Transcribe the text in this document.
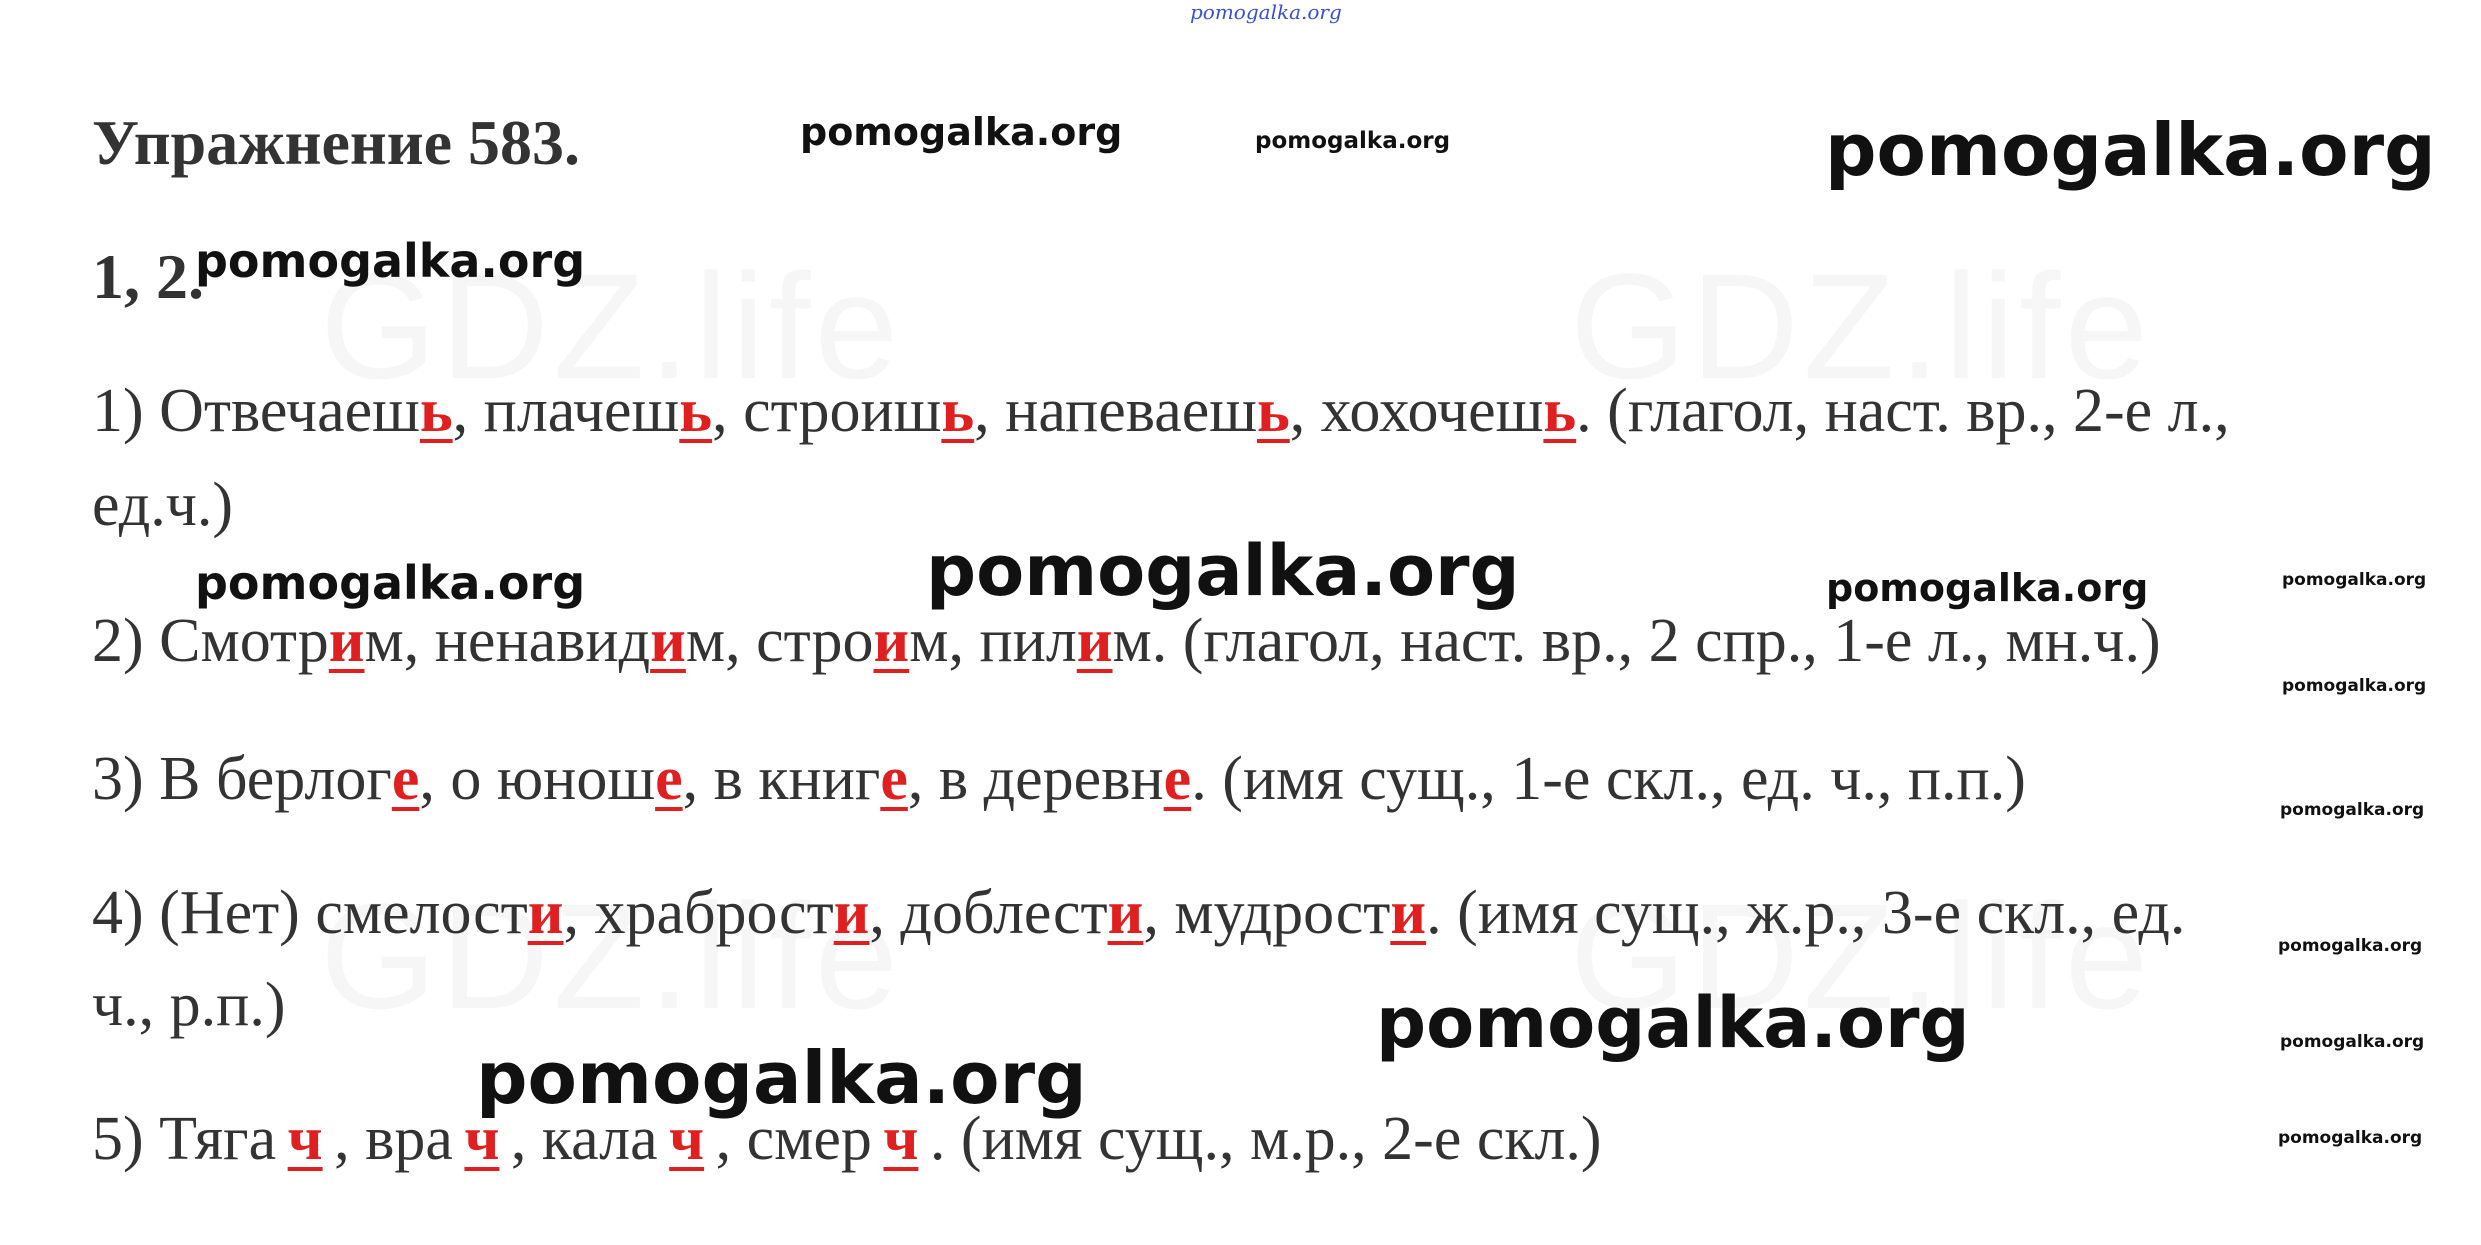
pomogalka.org
Упражнение 583.
1, 2.
1) Отвечаешь, плачешь, строишь, напеваешь, хохочешь. (глагол, наст. вр., 2-е л.,
ед.ч.)
2) Смотрим, ненавидим, строим, пилим. (глагол, наст. вр., 2 спр., 1-е л., мн.ч.)
3) В берлоге, о юноше, в книге, в деревне. (имя сущ., 1-е скл., ед. ч., п.п.)
4) (Нет) смелости, храбрости, доблести, мудрости. (имя сущ., ж.р., 3-е скл., ед.
ч., р.п.)
5) Тяга ч , вра ч , кала ч , смер ч . (имя сущ., м.р., 2-е скл.)
pomogalka.org	pomogalka.org	pomogalka.org
pomogalka.org
pomogalka.org	pomogalka.org	pomogalka.org	pomogalka.org
pomogalka.org
pomogalka.org
pomogalka.org
pomogalka.org	pomogalka.org
pomogalka.org
pomogalka.org
